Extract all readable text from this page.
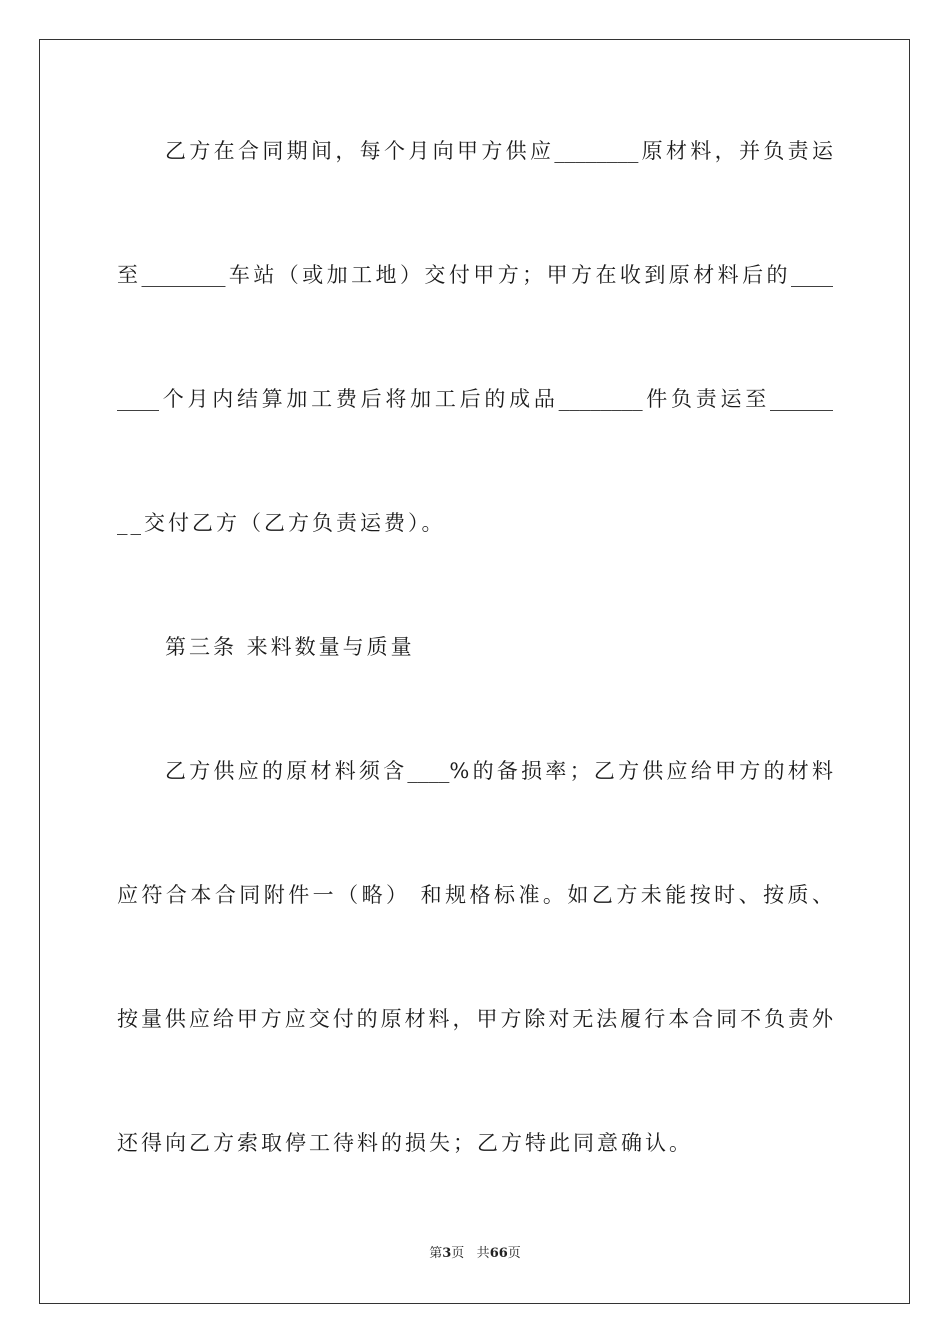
乙方在合同期间，每个月向甲方供应________原材料，并负责运
至________车站（或加工地）交付甲方；甲方在收到原材料后的____
____个月内结算加工费后将加工后的成品________件负责运至______
__交付乙方（乙方负责运费）。
第三条 来料数量与质量
乙方供应的原材料须含____%的备损率；乙方供应给甲方的材料
应符合本合同附件一（略） 和规格标准。如乙方未能按时、按质、
按量供应给甲方应交付的原材料，甲方除对无法履行本合同不负责外
还得向乙方索取停工待料的损失；乙方特此同意确认。
第3页 共66页
